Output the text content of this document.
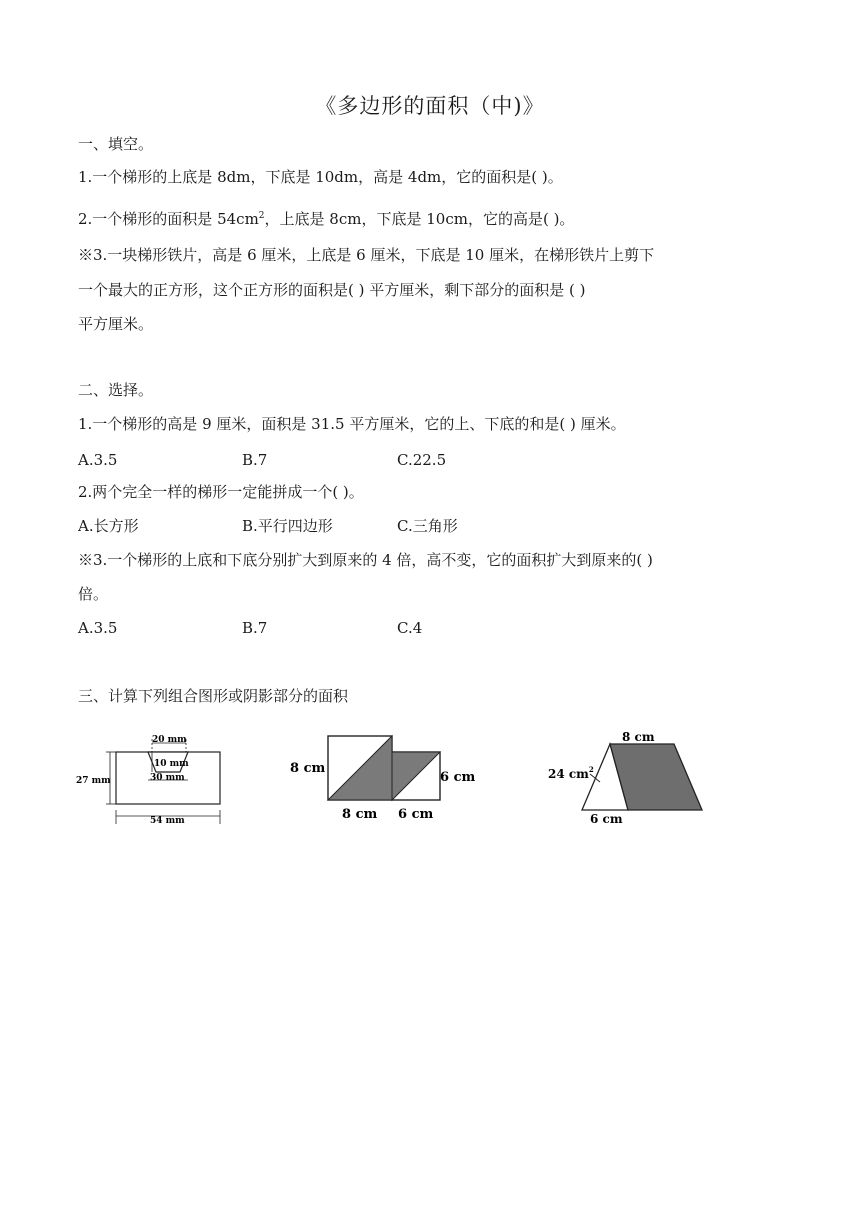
《多边形的面积（中)》
一、填空。
1.一个梯形的上底是 8dm，下底是 10dm，高是 4dm，它的面积是( )。
2.一个梯形的面积是 $54cm^2$，上底是 8cm，下底是 10cm，它的高是( )。
※3.一块梯形铁片，高是 6 厘米，上底是 6 厘米，下底是 10 厘米，在梯形铁片上剪下
一个最大的正方形，这个正方形的面积是( ) 平方厘米，剩下部分的面积是 ( )
平方厘米。
二、选择。
1.一个梯形的高是 9 厘米，面积是 31.5 平方厘米，它的上、下底的和是( ) 厘米。
A.3.5	B.7	C.22.5
2.两个完全一样的梯形一定能拼成一个( )。
A.长方形	B.平行四边形	C.三角形
※3.一个梯形的上底和下底分别扩大到原来的 4 倍，高不变，它的面积扩大到原来的( )
倍。
A.3.5	B.7	C.4
三、计算下列组合图形或阴影部分的面积
20 mm
10 mm
30 mm
27 mm
54 mm
8 cm
6 cm
8 cm 6 cm
8 cm
24 $cm^2$
6 cm
